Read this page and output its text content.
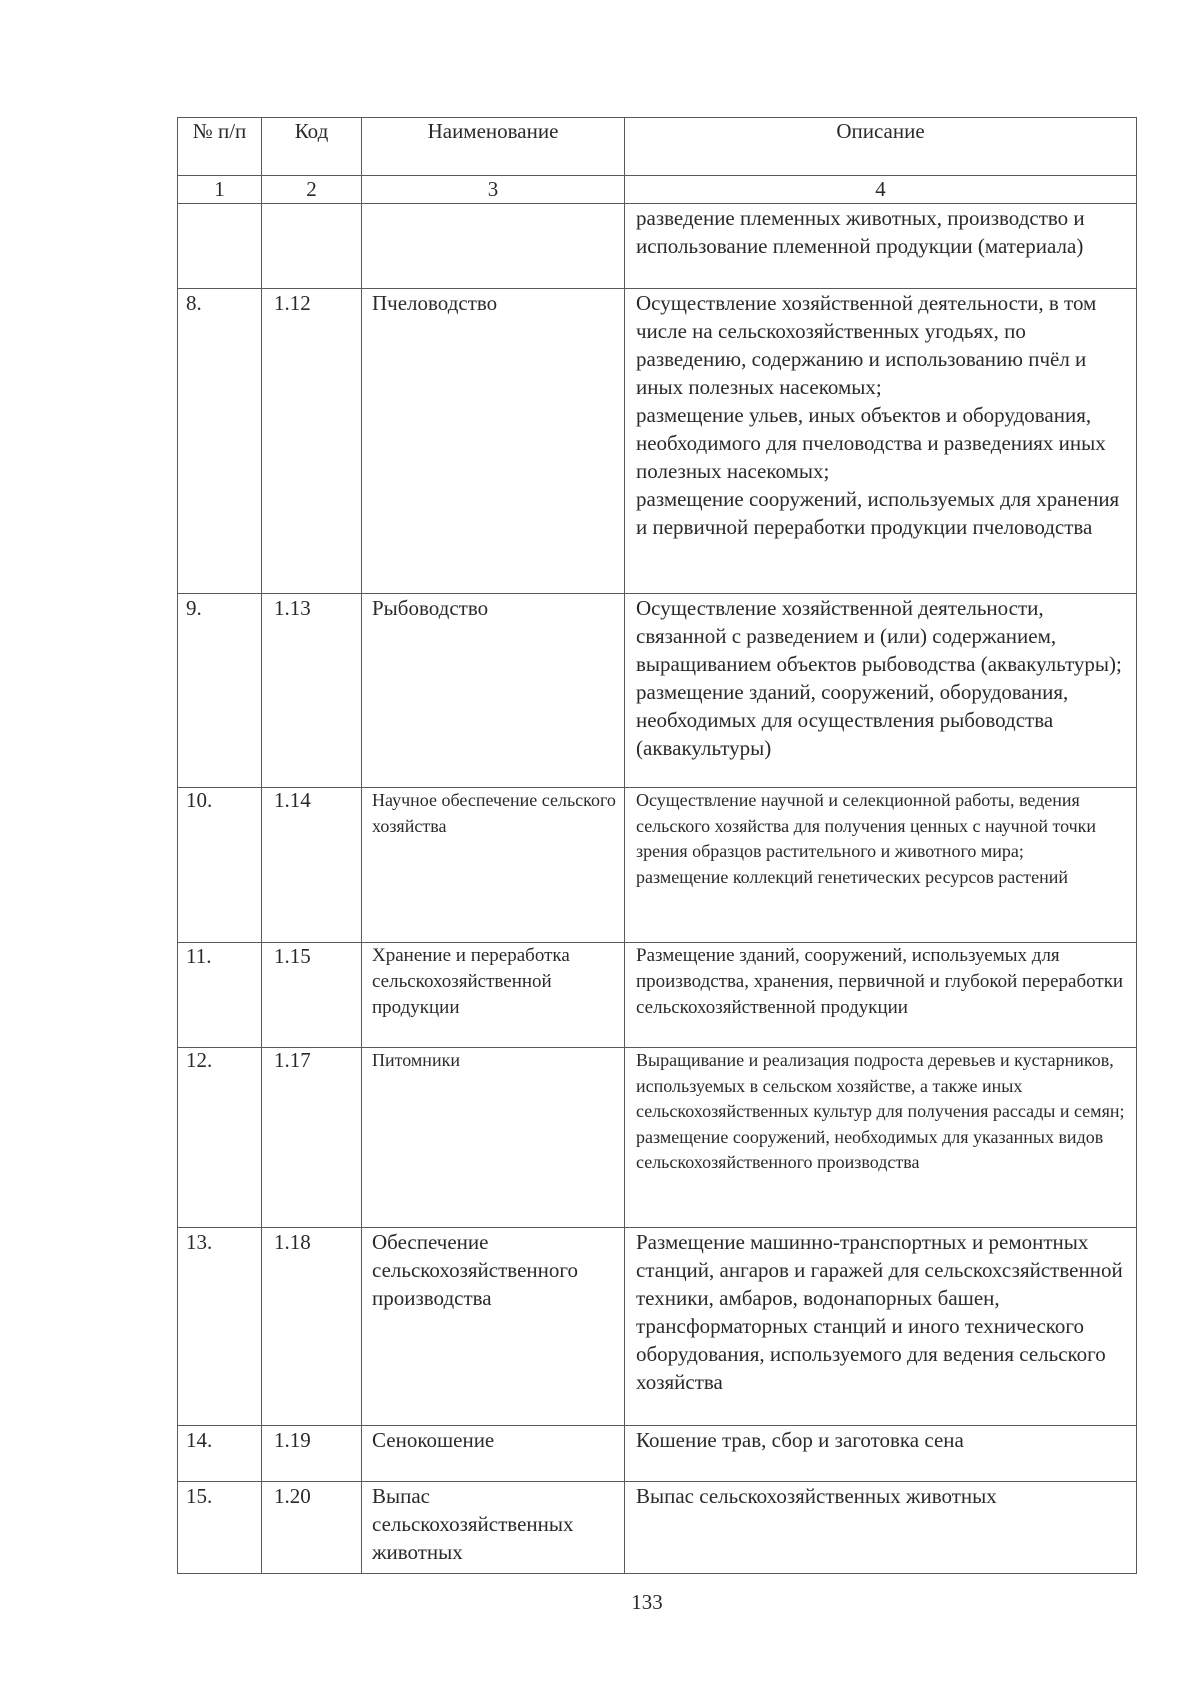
№ п/п	Код	Наименование	Описание
1	2	3	4
			разведение племенных животных, производство и использование племенной продукции (материала)
8.	1.12	Пчеловодство	Осуществление хозяйственной деятельности, в том числе на сельскохозяйственных угодьях, по разведению, содержанию и использованию пчёл и иных полезных насекомых;
размещение ульев, иных объектов и оборудования, необходимого для пчеловодства и разведениях иных полезных насекомых;
размещение сооружений, используемых для хранения и первичной переработки продукции пчеловодства
9.	1.13	Рыбоводство	Осуществление хозяйственной деятельности, связанной с разведением и (или) содержанием, выращиванием объектов рыбоводства (аквакультуры);
размещение зданий, сооружений, оборудования, необходимых для осуществления рыбоводства (аквакультуры)
10.	1.14	Научное обеспечение сельского хозяйства	Осуществление научной и селекционной работы, ведения сельского хозяйства для получения ценных с научной точки зрения образцов растительного и животного мира;
размещение коллекций генетических ресурсов растений
11.	1.15	Хранение и переработка сельскохозяйственной продукции	Размещение зданий, сооружений, используемых для производства, хранения, первичной и глубокой переработки сельскохозяйственной продукции
12.	1.17	Питомники	Выращивание и реализация подроста деревьев и кустарников, используемых в сельском хозяйстве, а также иных сельскохозяйственных культур для получения рассады и семян;
размещение сооружений, необходимых для указанных видов сельскохозяйственного производства
13.	1.18	Обеспечение сельскохозяйственного производства	Размещение машинно-транспортных и ремонтных станций, ангаров и гаражей для сельскохсзяйственной техники, амбаров, водонапорных башен, трансформаторных станций и иного технического оборудования, используемого для ведения сельского хозяйства
14.	1.19	Сенокошение	Кошение трав, сбор и заготовка сена
15.	1.20	Выпас сельскохозяйственных животных	Выпас сельскохозяйственных животных
133
